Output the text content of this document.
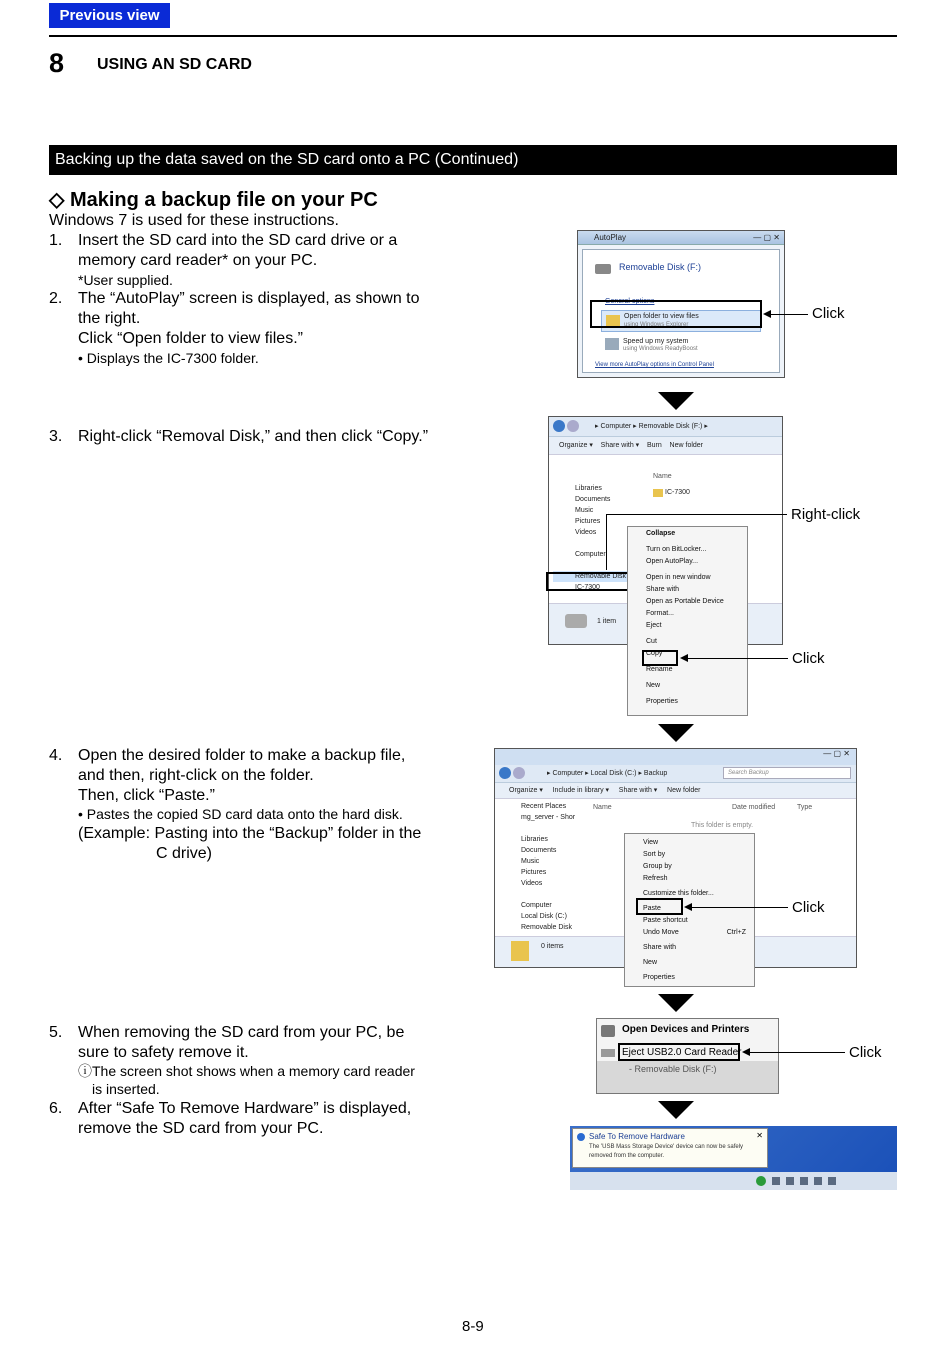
Previous view
8 USING AN SD CARD
Backing up the data saved on the SD card onto a PC (Continued)
◇ Making a backup file on your PC
Windows 7 is used for these instructions.
1. Insert the SD card into the SD card drive or a
memory card reader* on your PC.
*User supplied.
2. The “AutoPlay” screen is displayed, as shown to
the right.
Click “Open folder to view files.”
• Displays the IC-7300 folder.
AutoPlay	— ▢ ✕
Removable Disk (F:)
General options
Open folder to view files
using Windows Explorer
Speed up my system
using Windows ReadyBoost
View more AutoPlay options in Control Panel
Click
3. Right-click “Removal Disk,” and then click “Copy.”
▸ Computer ▸ Removable Disk (F:) ▸
Organize ▾ Share with ▾ Burn New folder
Libraries
Documents
Music
Pictures
Videos
Computer
Removable Disk
IC-7300
Name
IC-7300
1 item
Collapse
Turn on BitLocker...
Open AutoPlay...
Open in new window
Share with
Open as Portable Device
Format...
Eject
Cut
Copy
Rename
New
Properties
Right-click
Click
4. Open the desired folder to make a backup file,
and then, right-click on the folder.
Then, click “Paste.”
• Pastes the copied SD card data onto the hard disk.
(Example: Pasting into the “Backup” folder in the
C drive)
— ▢ ✕
▸ Computer ▸ Local Disk (C:) ▸ Backup	Search Backup
Organize ▾ Include in library ▾ Share with ▾ New folder
Recent Places
mg_server - Shor
Libraries
Documents
Music
Pictures
Videos
Computer
Local Disk (C:)
Removable Disk
Name	Date modified	Type
This folder is empty.
0 items
View
Sort by
Group by
Refresh
Customize this folder...
Paste
Paste shortcut
Undo Move	Ctrl+Z
Share with
New
Properties
Click
5. When removing the SD card from your PC, be
sure to safety remove it.
ⓘThe screen shot shows when a memory card reader
is inserted.
6. After “Safe To Remove Hardware” is displayed,
remove the SD card from your PC.
Open Devices and Printers
Eject USB2.0 Card Reader
- Removable Disk (F:)
Click
Safe To Remove Hardware	✕
The 'USB Mass Storage Device' device can now be safely
removed from the computer.
8-9
